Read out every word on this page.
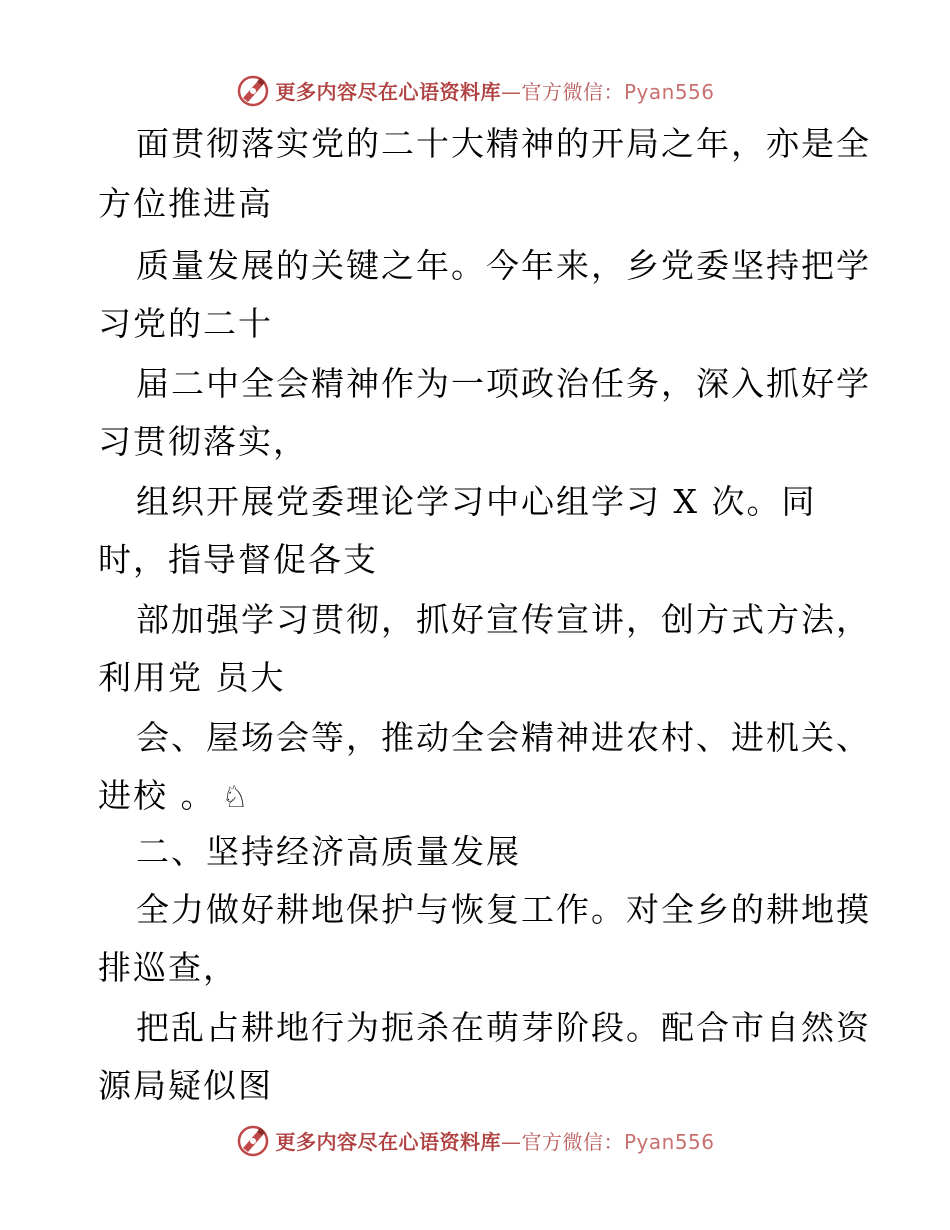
更多内容尽在心语资料库—官方微信：Pyan556
面贯彻落实党的二十大精神的开局之年，亦是全
方位推进高
质量发展的关键之年。今年来，乡党委坚持把学
习党的二十
届二中全会精神作为一项政治任务，深入抓好学
习贯彻落实，
组织开展党委理论学习中心组学习 X 次。同
时，指导督促各支
部加强学习贯彻，抓好宣传宣讲，创方式方法，
利用党 员大
会、屋场会等，推动全会精神进农村、进机关、
进校 。 ♘
二、坚持经济高质量发展
全力做好耕地保护与恢复工作。对全乡的耕地摸
排巡查，
把乱占耕地行为扼杀在萌芽阶段。配合市自然资
源局疑似图
更多内容尽在心语资料库—官方微信：Pyan556
